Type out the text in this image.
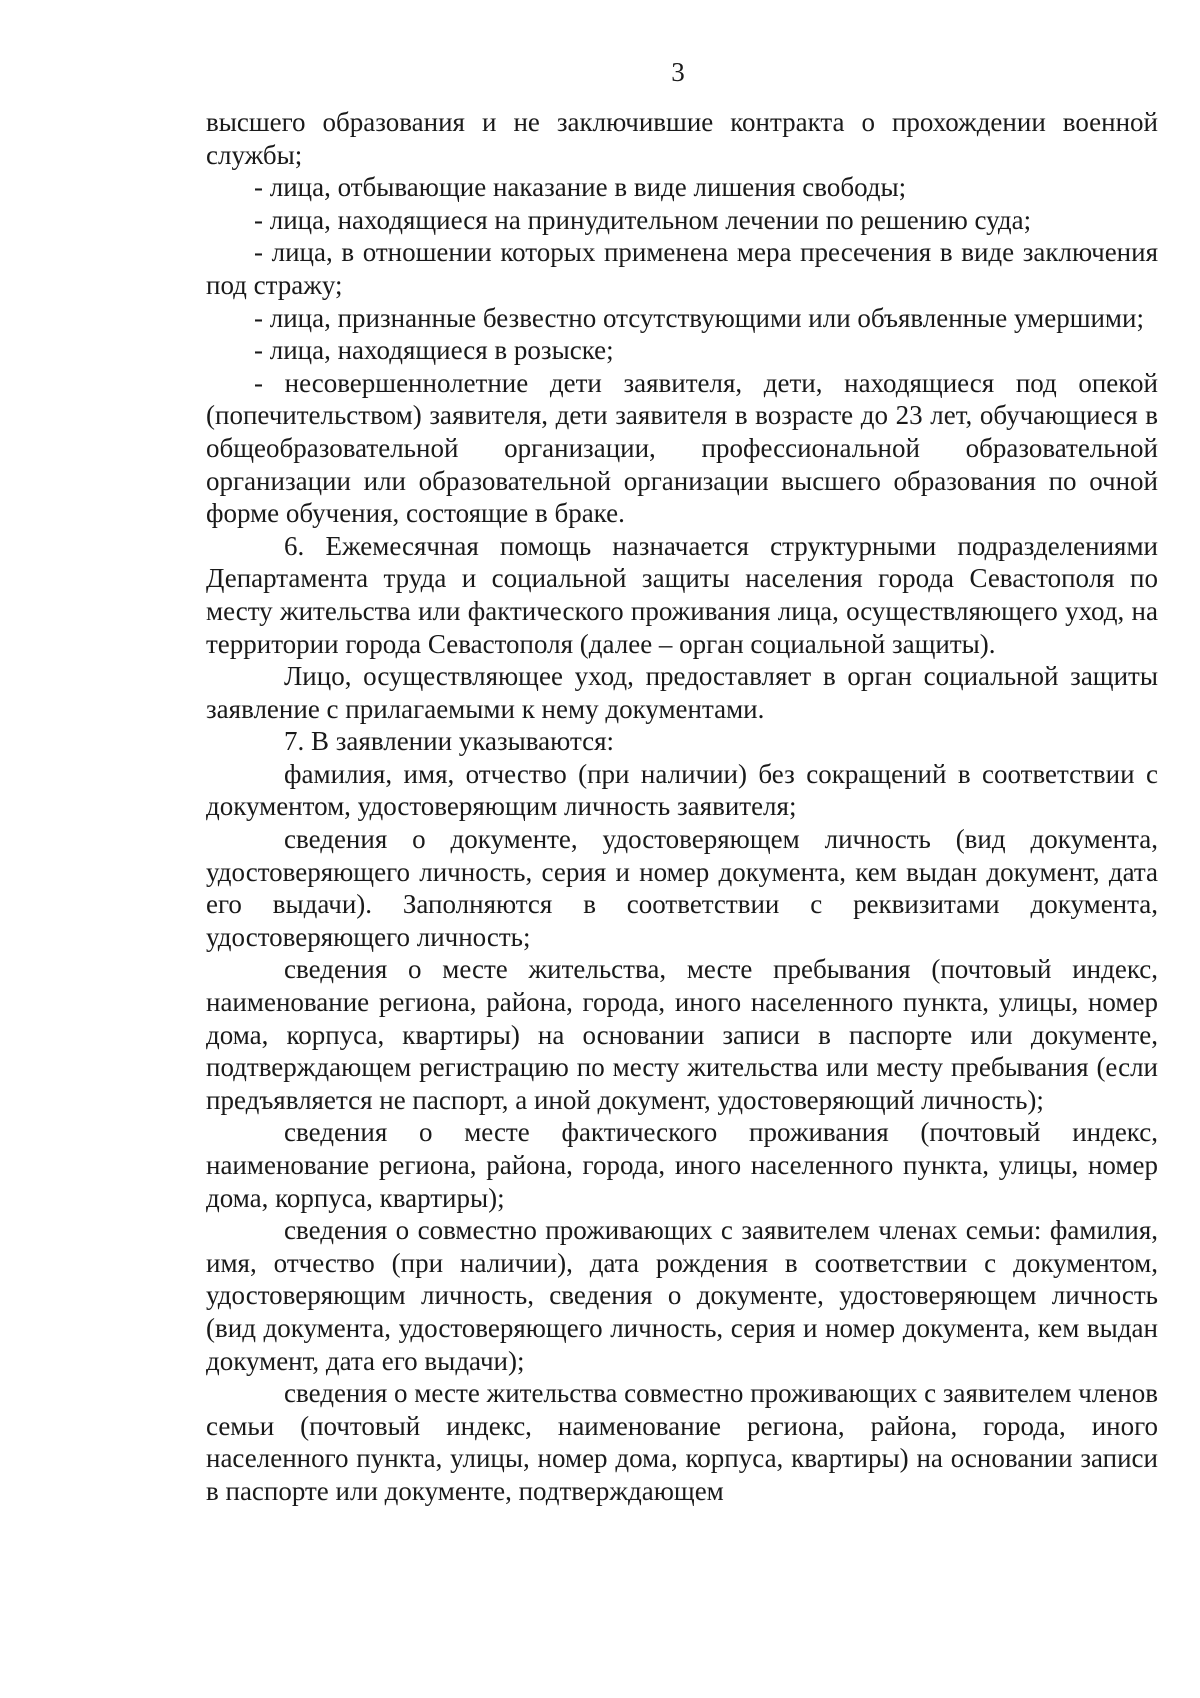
3

высшего образования и не заключившие контракта о прохождении военной службы;

- лица, отбывающие наказание в виде лишения свободы;

- лица, находящиеся на принудительном лечении по решению суда;

- лица, в отношении которых применена мера пресечения в виде заключения под стражу;

- лица, признанные безвестно отсутствующими или объявленные умершими;

- лица, находящиеся в розыске;

- несовершеннолетние дети заявителя, дети, находящиеся под опекой (попечительством) заявителя, дети заявителя в возрасте до 23 лет, обучающиеся в общеобразовательной организации, профессиональной образовательной организации или образовательной организации высшего образования по очной форме обучения, состоящие в браке.

6. Ежемесячная помощь назначается структурными подразделениями Департамента труда и социальной защиты населения города Севастополя по месту жительства или фактического проживания лица, осуществляющего уход, на территории города Севастополя (далее – орган социальной защиты).

Лицо, осуществляющее уход, предоставляет в орган социальной защиты заявление с прилагаемыми к нему документами.

7. В заявлении указываются:

фамилия, имя, отчество (при наличии) без сокращений в соответствии с документом, удостоверяющим личность заявителя;

сведения о документе, удостоверяющем личность (вид документа, удостоверяющего личность, серия и номер документа, кем выдан документ, дата его выдачи). Заполняются в соответствии с реквизитами документа, удостоверяющего личность;

сведения о месте жительства, месте пребывания (почтовый индекс, наименование региона, района, города, иного населенного пункта, улицы, номер дома, корпуса, квартиры) на основании записи в паспорте или документе, подтверждающем регистрацию по месту жительства или месту пребывания (если предъявляется не паспорт, а иной документ, удостоверяющий личность);

сведения о месте фактического проживания (почтовый индекс, наименование региона, района, города, иного населенного пункта, улицы, номер дома, корпуса, квартиры);

сведения о совместно проживающих с заявителем членах семьи: фамилия, имя, отчество (при наличии), дата рождения в соответствии с документом, удостоверяющим личность, сведения о документе, удостоверяющем личность (вид документа, удостоверяющего личность, серия и номер документа, кем выдан документ, дата его выдачи);

сведения о месте жительства совместно проживающих с заявителем членов семьи (почтовый индекс, наименование региона, района, города, иного населенного пункта, улицы, номер дома, корпуса, квартиры) на основании записи в паспорте или документе, подтверждающем
